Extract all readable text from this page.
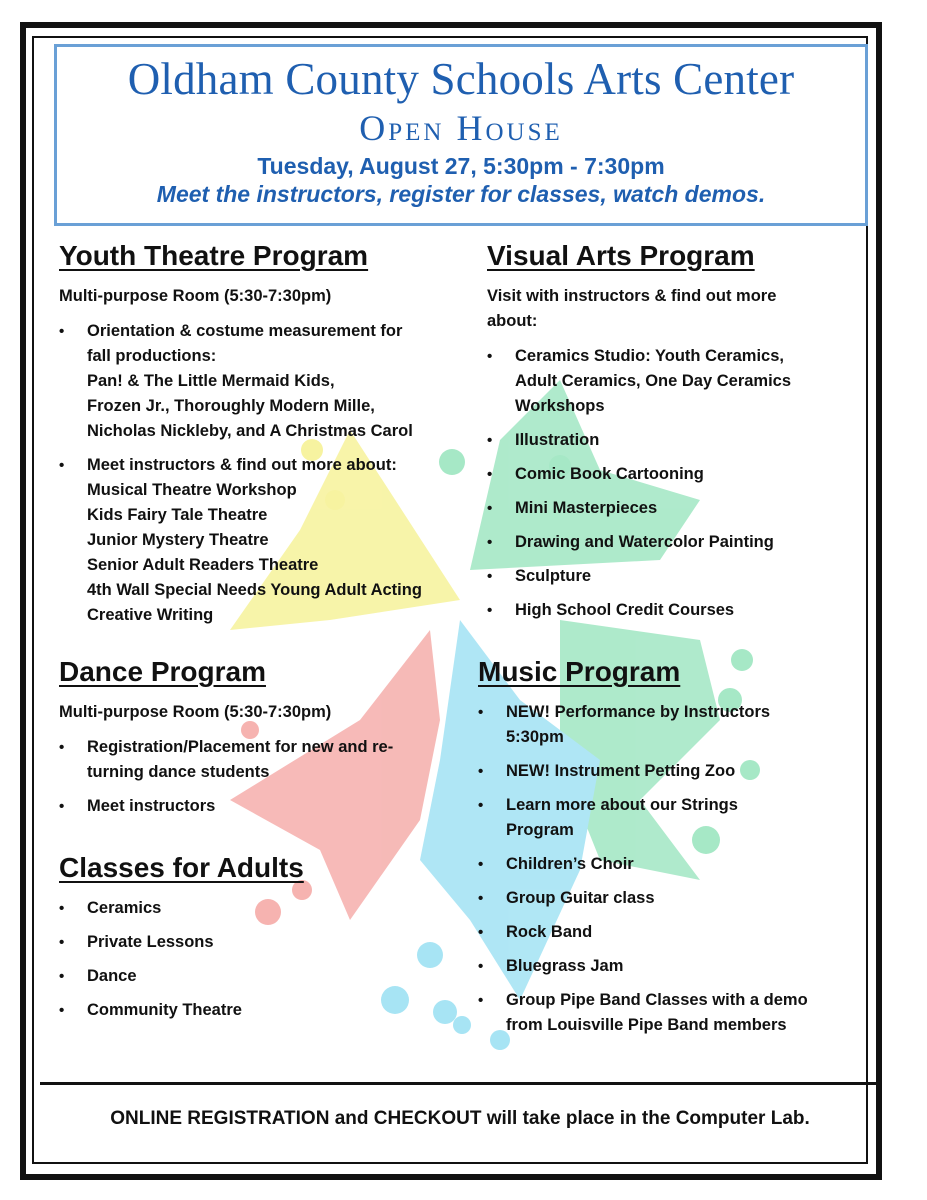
Oldham County Schools Arts Center
Open House
Tuesday, August 27, 5:30pm - 7:30pm
Meet the instructors, register for classes, watch demos.
Youth Theatre Program
Multi-purpose Room (5:30-7:30pm)
• Orientation & costume measurement for
fall productions:
Pan! & The Little Mermaid Kids,
Frozen Jr., Thoroughly Modern Mille,
Nicholas Nickleby, and A Christmas Carol
• Meet instructors & find out more about:
Musical Theatre Workshop
Kids Fairy Tale Theatre
Junior Mystery Theatre
Senior Adult Readers Theatre
4th Wall Special Needs Young Adult Acting
Creative Writing
Visual Arts Program
Visit with instructors & find out more
about:
• Ceramics Studio: Youth Ceramics,
Adult Ceramics, One Day Ceramics
Workshops
• Illustration
• Comic Book Cartooning
• Mini Masterpieces
• Drawing and Watercolor Painting
• Sculpture
• High School Credit Courses
Dance Program
Multi-purpose Room (5:30-7:30pm)
• Registration/Placement for new and re-
turning dance students
• Meet instructors
Classes for Adults
• Ceramics
• Private Lessons
• Dance
• Community Theatre
Music Program
• NEW! Performance by Instructors
5:30pm
• NEW! Instrument Petting Zoo
• Learn more about our Strings
Program
• Children’s Choir
• Group Guitar class
• Rock Band
• Bluegrass Jam
• Group Pipe Band Classes with a demo
from Louisville Pipe Band members
ONLINE REGISTRATION and CHECKOUT will take place in the Computer Lab.
